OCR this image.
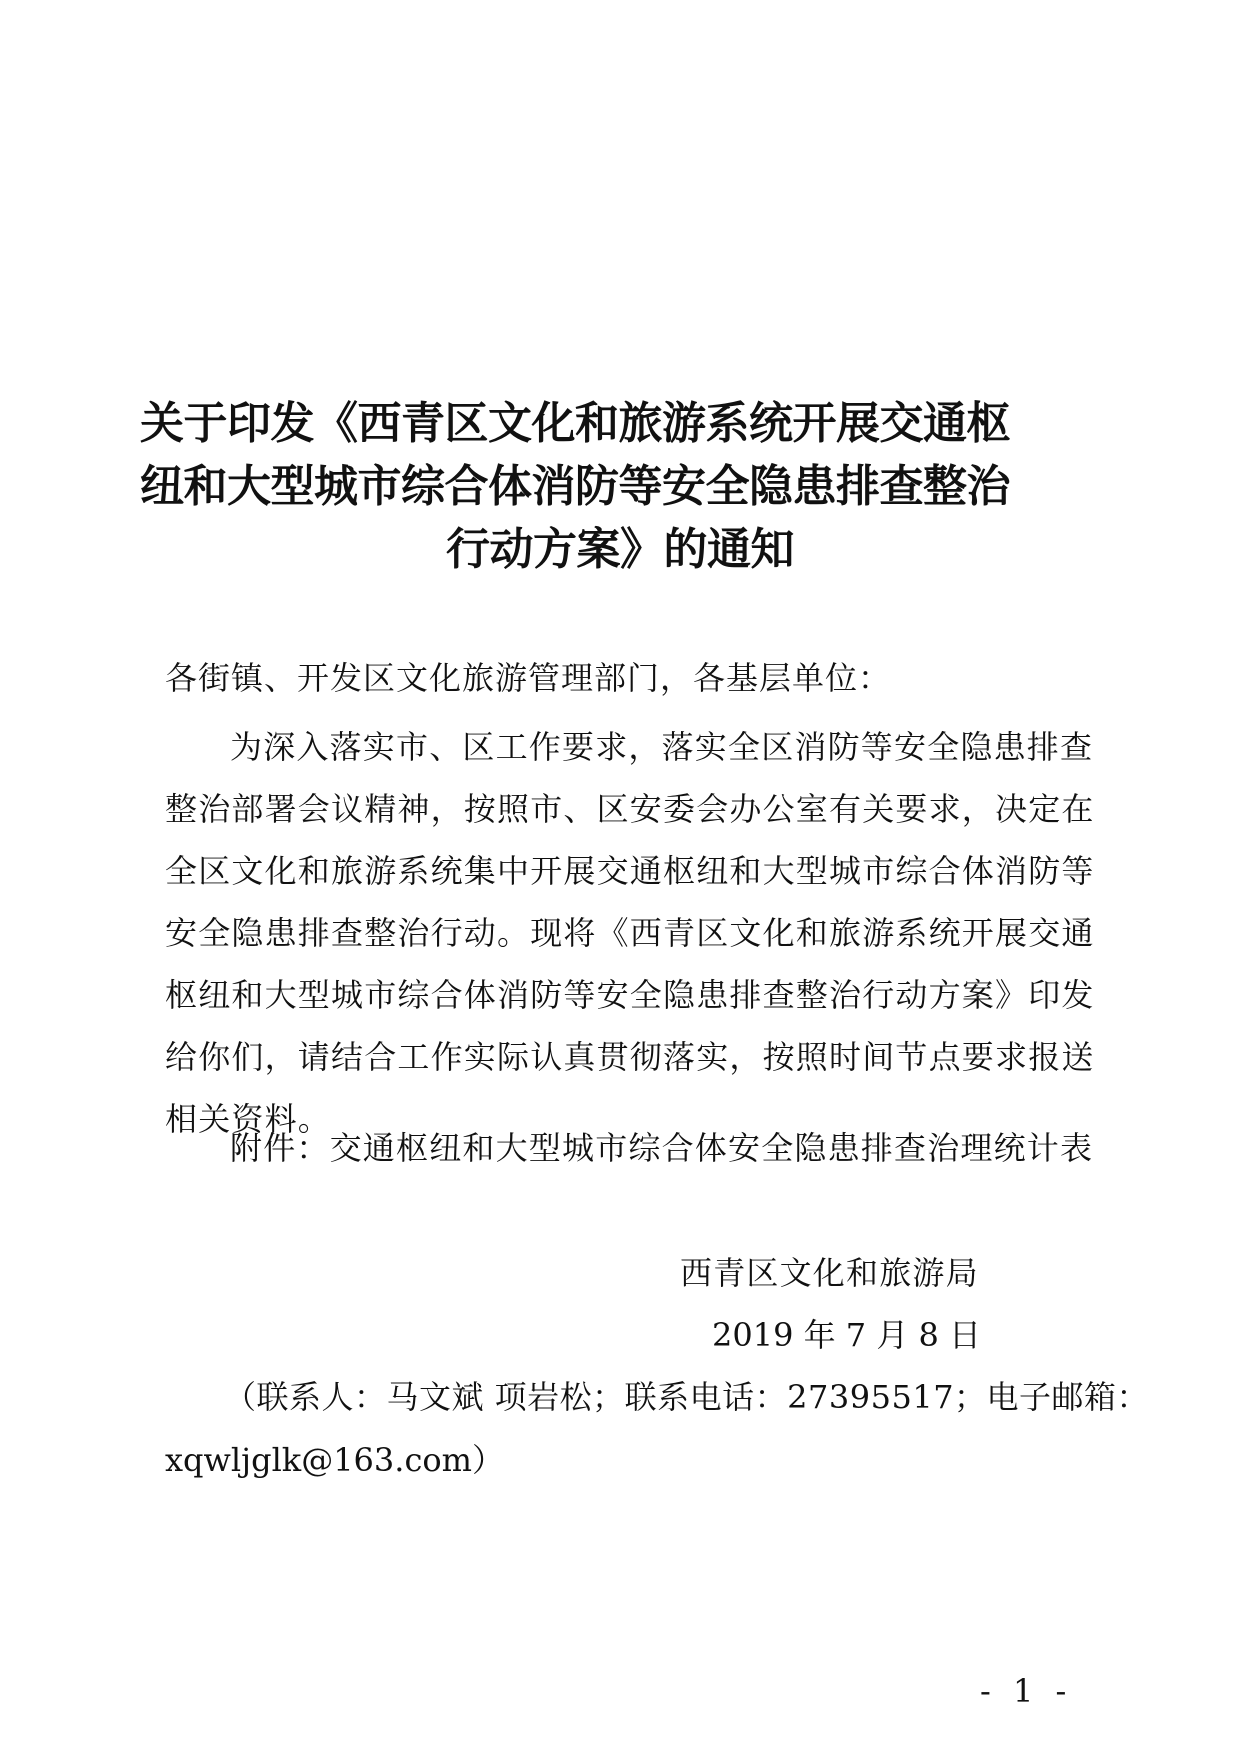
关于印发《西青区文化和旅游系统开展交通枢
纽和大型城市综合体消防等安全隐患排查整治
行动方案》的通知
各街镇、开发区文化旅游管理部门，各基层单位：
为深入落实市、区工作要求，落实全区消防等安全隐患排查
整治部署会议精神，按照市、区安委会办公室有关要求，决定在
全区文化和旅游系统集中开展交通枢纽和大型城市综合体消防等
安全隐患排查整治行动。现将《西青区文化和旅游系统开展交通
枢纽和大型城市综合体消防等安全隐患排查整治行动方案》印发
给你们，请结合工作实际认真贯彻落实，按照时间节点要求报送
相关资料。
附件：交通枢纽和大型城市综合体安全隐患排查治理统计表
西青区文化和旅游局
2019 年 7 月 8 日
（联系人：马文斌 项岩松；联系电话：27395517；电子邮箱：
xqwljglk@163.com）
- 1 -
